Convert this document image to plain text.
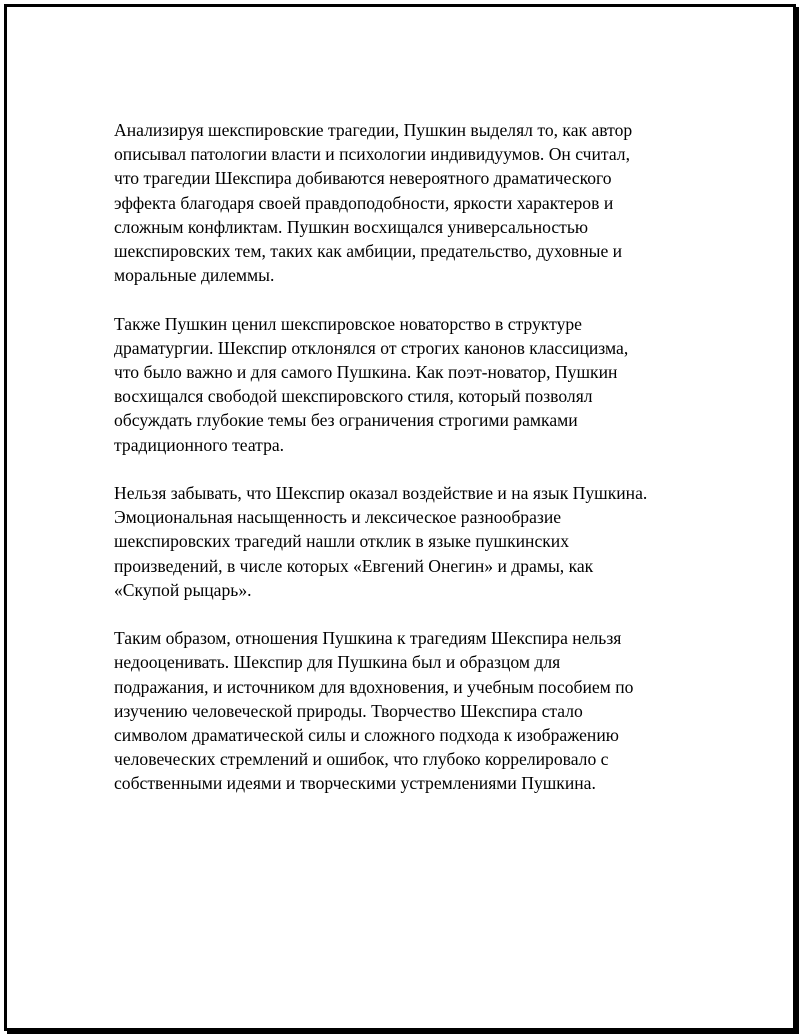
Анализируя шекспировские трагедии, Пушкин выделял то, как автор
описывал патологии власти и психологии индивидуумов. Он считал,
что трагедии Шекспира добиваются невероятного драматического
эффекта благодаря своей правдоподобности, яркости характеров и
сложным конфликтам. Пушкин восхищался универсальностью
шекспировских тем, таких как амбиции, предательство, духовные и
моральные дилеммы.

Также Пушкин ценил шекспировское новаторство в структуре
драматургии. Шекспир отклонялся от строгих канонов классицизма,
что было важно и для самого Пушкина. Как поэт-новатор, Пушкин
восхищался свободой шекспировского стиля, который позволял
обсуждать глубокие темы без ограничения строгими рамками
традиционного театра.

Нельзя забывать, что Шекспир оказал воздействие и на язык Пушкина.
Эмоциональная насыщенность и лексическое разнообразие
шекспировских трагедий нашли отклик в языке пушкинских
произведений, в числе которых «Евгений Онегин» и драмы, как
«Скупой рыцарь».

Таким образом, отношения Пушкина к трагедиям Шекспира нельзя
недооценивать. Шекспир для Пушкина был и образцом для
подражания, и источником для вдохновения, и учебным пособием по
изучению человеческой природы. Творчество Шекспира стало
символом драматической силы и сложного подхода к изображению
человеческих стремлений и ошибок, что глубоко коррелировало с
собственными идеями и творческими устремлениями Пушкина.
